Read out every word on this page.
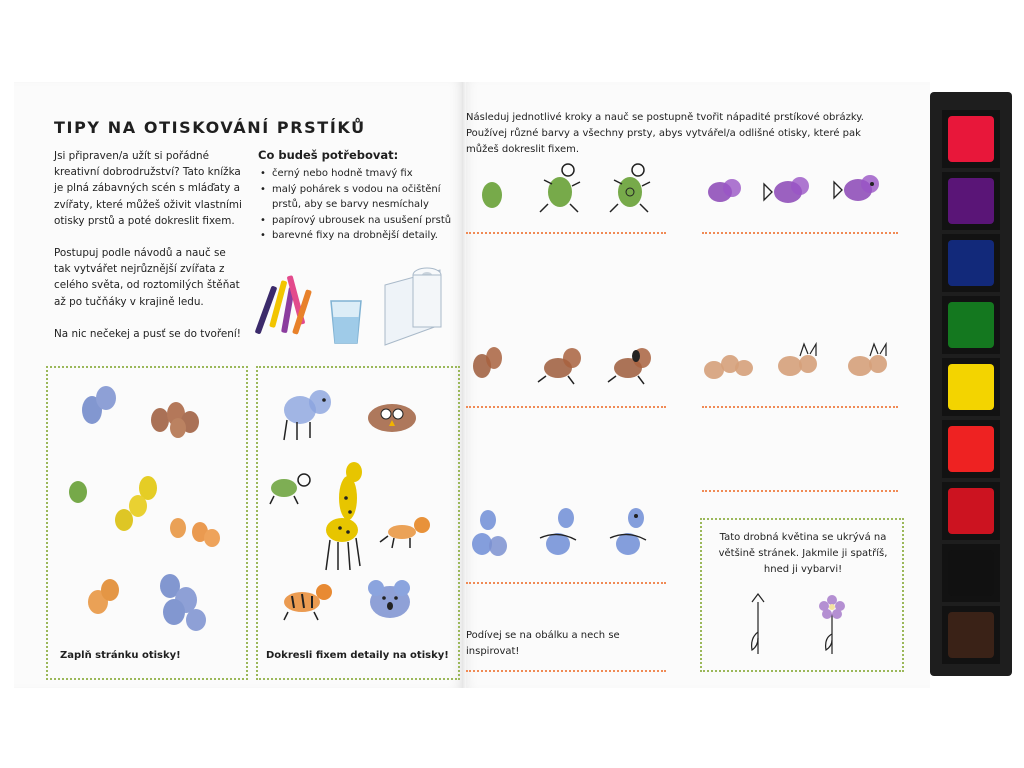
TIPY NA OTISKOVÁNÍ PRSTÍKŮ

Jsi připraven/a užít si pořádné kreativní dobrodružství? Tato knížka je plná zábavných scén s mláďaty a zvířaty, které můžeš oživit vlastními otisky prstů a poté dokreslit fixem.

Postupuj podle návodů a nauč se tak vytvářet nejrůznější zvířata z celého světa, od roztomilých štěňat až po tučňáky v krajině ledu.

Na nic nečekej a pusť se do tvoření!

Co budeš potřebovat:
• černý nebo hodně tmavý fix
• malý pohárek s vodou na očištění prstů, aby se barvy nesmíchaly
• papírový ubrousek na usušení prstů
• barevné fixy na drobnější detaily.
Zaplň stránku otisky!	Dokresli fixem detaily na otisky!
Následuj jednotlivé kroky a nauč se postupně tvořit nápadité prstíkové obrázky. Používej různé barvy a všechny prsty, abys vytvářel/a odlišné otisky, které pak můžeš dokreslit fixem.
Podívej se na obálku a nech se inspirovat!
Tato drobná květina se ukrývá na většině stránek. Jakmile ji spatříš, hned ji vybarvi!
